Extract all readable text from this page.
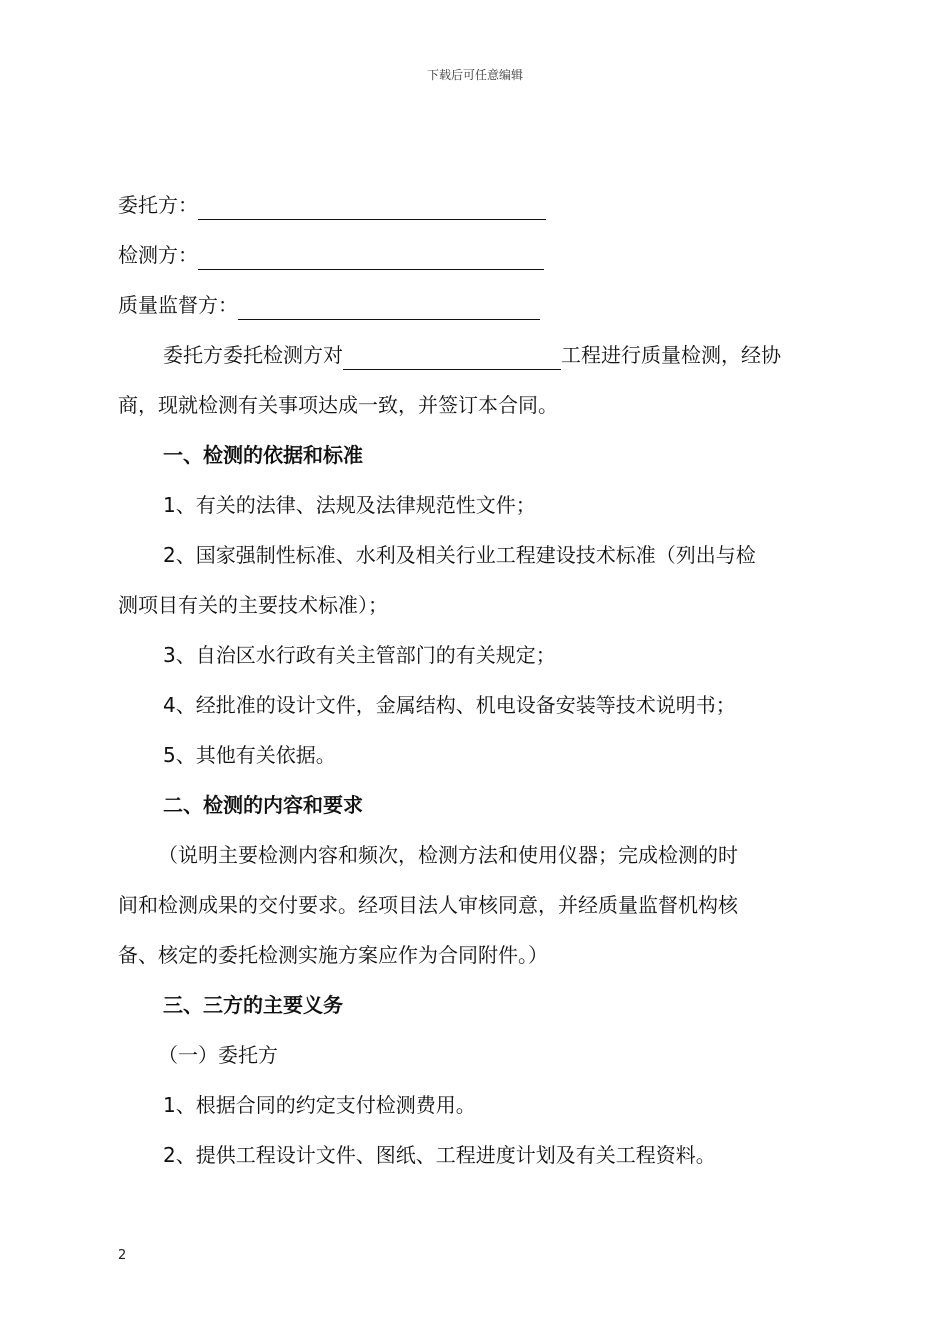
下载后可任意编辑
委托方：
检测方：
质量监督方：
委托方委托检测方对	工程进行质量检测，经协
商，现就检测有关事项达成一致，并签订本合同。
一、检测的依据和标准
1、有关的法律、法规及法律规范性文件；
2、国家强制性标准、水利及相关行业工程建设技术标准（列出与检
测项目有关的主要技术标准）；
3、自治区水行政有关主管部门的有关规定；
4、经批准的设计文件，金属结构、机电设备安装等技术说明书；
5、其他有关依据。
二、检测的内容和要求
（说明主要检测内容和频次，检测方法和使用仪器；完成检测的时
间和检测成果的交付要求。经项目法人审核同意，并经质量监督机构核
备、核定的委托检测实施方案应作为合同附件。）
三、三方的主要义务
（一）委托方
1、根据合同的约定支付检测费用。
2、提供工程设计文件、图纸、工程进度计划及有关工程资料。
2
